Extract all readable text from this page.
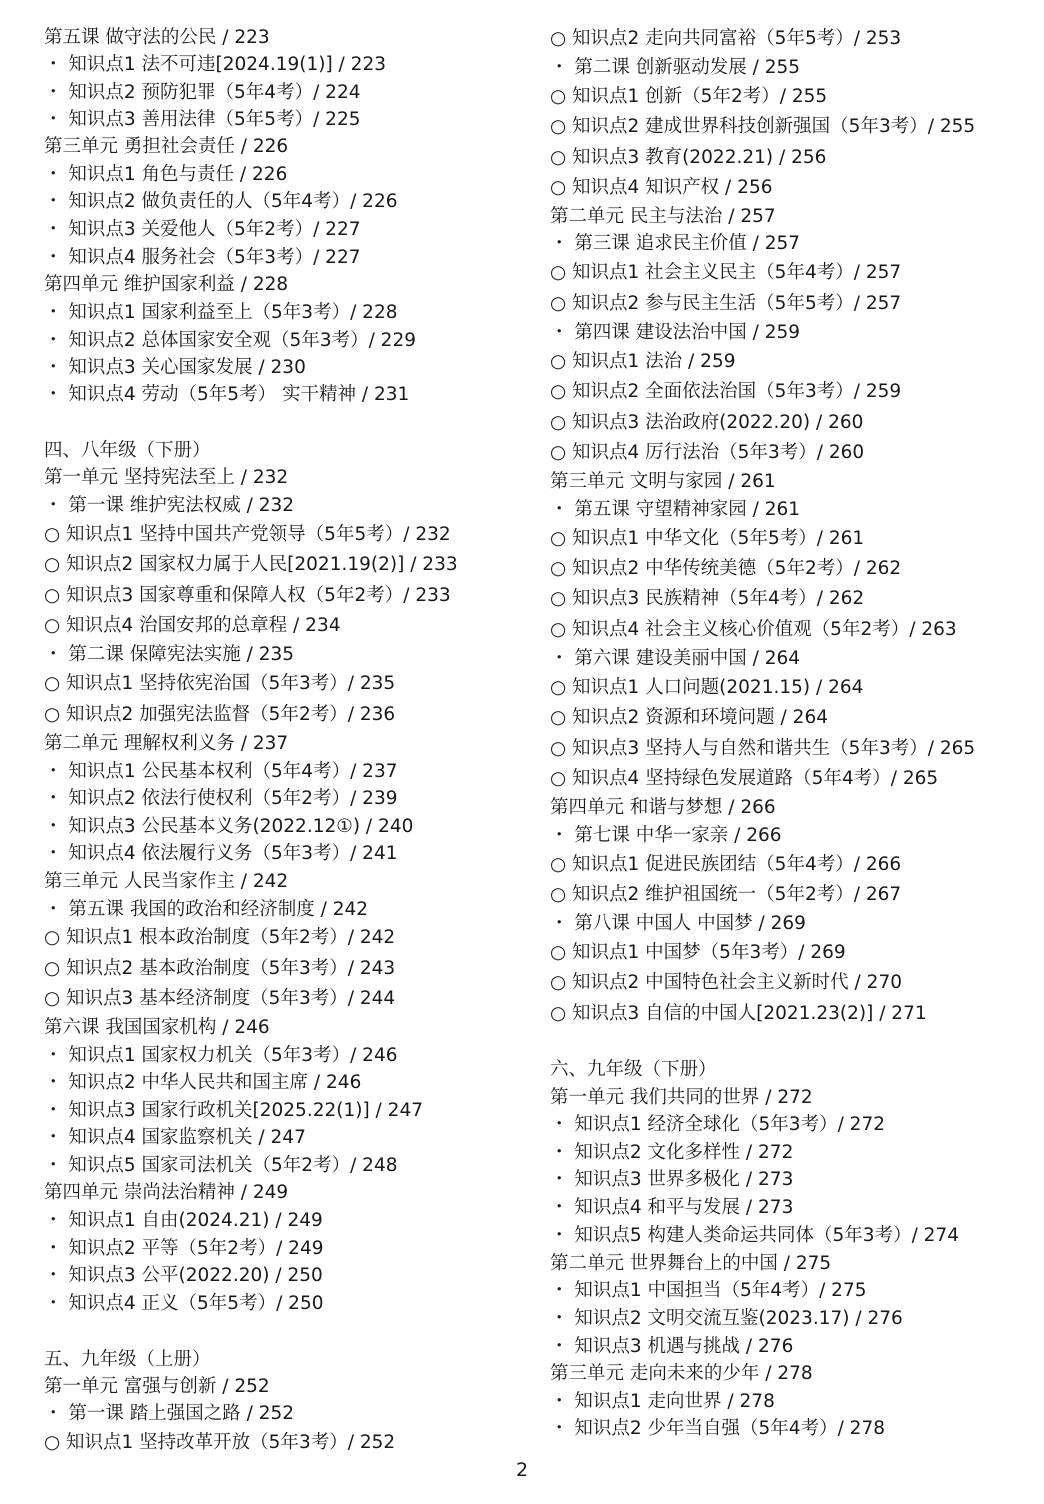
第五课 做守法的公民 / 223
・ 知识点1 法不可违[2024.19(1)] / 223
・ 知识点2 预防犯罪（5年4考）/ 224
・ 知识点3 善用法律（5年5考）/ 225
第三单元 勇担社会责任 / 226
・ 知识点1 角色与责任 / 226
・ 知识点2 做负责任的人（5年4考）/ 226
・ 知识点3 关爱他人（5年2考）/ 227
・ 知识点4 服务社会（5年3考）/ 227
第四单元 维护国家利益 / 228
・ 知识点1 国家利益至上（5年3考）/ 228
・ 知识点2 总体国家安全观（5年3考）/ 229
・ 知识点3 关心国家发展 / 230
・ 知识点4 劳动（5年5考） 实干精神 / 231
四、八年级（下册）
第一单元 坚持宪法至上 / 232
・ 第一课 维护宪法权威 / 232
○ 知识点1 坚持中国共产党领导（5年5考）/ 232
○ 知识点2 国家权力属于人民[2021.19(2)] / 233
○ 知识点3 国家尊重和保障人权（5年2考）/ 233
○ 知识点4 治国安邦的总章程 / 234
・ 第二课 保障宪法实施 / 235
○ 知识点1 坚持依宪治国（5年3考）/ 235
○ 知识点2 加强宪法监督（5年2考）/ 236
第二单元 理解权利义务 / 237
・ 知识点1 公民基本权利（5年4考）/ 237
・ 知识点2 依法行使权利（5年2考）/ 239
・ 知识点3 公民基本义务(2022.12①) / 240
・ 知识点4 依法履行义务（5年3考）/ 241
第三单元 人民当家作主 / 242
・ 第五课 我国的政治和经济制度 / 242
○ 知识点1 根本政治制度（5年2考）/ 242
○ 知识点2 基本政治制度（5年3考）/ 243
○ 知识点3 基本经济制度（5年3考）/ 244
第六课 我国国家机构 / 246
・ 知识点1 国家权力机关（5年3考）/ 246
・ 知识点2 中华人民共和国主席 / 246
・ 知识点3 国家行政机关[2025.22(1)] / 247
・ 知识点4 国家监察机关 / 247
・ 知识点5 国家司法机关（5年2考）/ 248
第四单元 崇尚法治精神 / 249
・ 知识点1 自由(2024.21) / 249
・ 知识点2 平等（5年2考）/ 249
・ 知识点3 公平(2022.20) / 250
・ 知识点4 正义（5年5考）/ 250
五、九年级（上册）
第一单元 富强与创新 / 252
・ 第一课 踏上强国之路 / 252
○ 知识点1 坚持改革开放（5年3考）/ 252
○ 知识点2 走向共同富裕（5年5考）/ 253
・ 第二课 创新驱动发展 / 255
○ 知识点1 创新（5年2考）/ 255
○ 知识点2 建成世界科技创新强国（5年3考）/ 255
○ 知识点3 教育(2022.21) / 256
○ 知识点4 知识产权 / 256
第二单元 民主与法治 / 257
・ 第三课 追求民主价值 / 257
○ 知识点1 社会主义民主（5年4考）/ 257
○ 知识点2 参与民主生活（5年5考）/ 257
・ 第四课 建设法治中国 / 259
○ 知识点1 法治 / 259
○ 知识点2 全面依法治国（5年3考）/ 259
○ 知识点3 法治政府(2022.20) / 260
○ 知识点4 厉行法治（5年3考）/ 260
第三单元 文明与家园 / 261
・ 第五课 守望精神家园 / 261
○ 知识点1 中华文化（5年5考）/ 261
○ 知识点2 中华传统美德（5年2考）/ 262
○ 知识点3 民族精神（5年4考）/ 262
○ 知识点4 社会主义核心价值观（5年2考）/ 263
・ 第六课 建设美丽中国 / 264
○ 知识点1 人口问题(2021.15) / 264
○ 知识点2 资源和环境问题 / 264
○ 知识点3 坚持人与自然和谐共生（5年3考）/ 265
○ 知识点4 坚持绿色发展道路（5年4考）/ 265
第四单元 和谐与梦想 / 266
・ 第七课 中华一家亲 / 266
○ 知识点1 促进民族团结（5年4考）/ 266
○ 知识点2 维护祖国统一（5年2考）/ 267
・ 第八课 中国人 中国梦 / 269
○ 知识点1 中国梦（5年3考）/ 269
○ 知识点2 中国特色社会主义新时代 / 270
○ 知识点3 自信的中国人[2021.23(2)] / 271
六、九年级（下册）
第一单元 我们共同的世界 / 272
・ 知识点1 经济全球化（5年3考）/ 272
・ 知识点2 文化多样性 / 272
・ 知识点3 世界多极化 / 273
・ 知识点4 和平与发展 / 273
・ 知识点5 构建人类命运共同体（5年3考）/ 274
第二单元 世界舞台上的中国 / 275
・ 知识点1 中国担当（5年4考）/ 275
・ 知识点2 文明交流互鉴(2023.17) / 276
・ 知识点3 机遇与挑战 / 276
第三单元 走向未来的少年 / 278
・ 知识点1 走向世界 / 278
・ 知识点2 少年当自强（5年4考）/ 278
2
